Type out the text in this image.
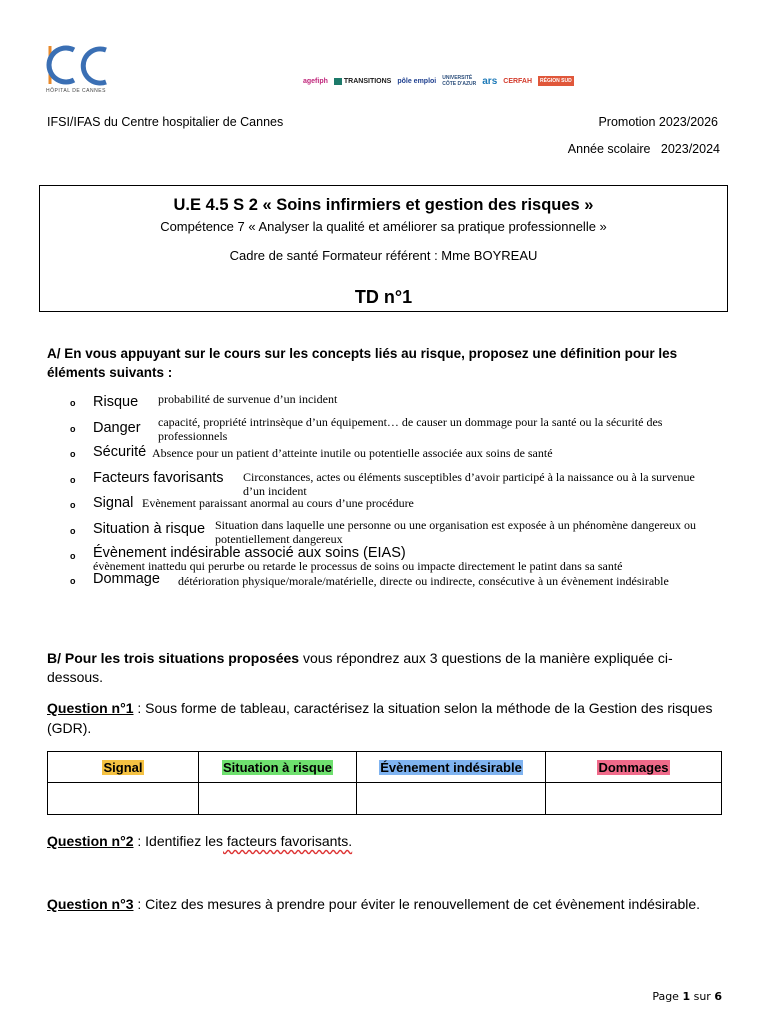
HÔPITAL DE CANNES
agefiph	TRANSITIONS pôle emploi UNIVERSITÉ CÔTE D'AZUR ars CERFAH	RÉGION SUD
IFSI/IFAS du Centre hospitalier de Cannes	Promotion 2023/2026
Année scolaire   2023/2024
U.E 4.5 S 2 « Soins infirmiers et gestion des risques »
Compétence 7 « Analyser la qualité et améliorer sa pratique professionnelle »
Cadre de santé Formateur référent : Mme BOYREAU
TD n°1
A/ En vous appuyant sur le cours sur les concepts liés au risque, proposez une définition pour les éléments suivants :
o Risque probabilité de survenue d’un incident
o Danger capacité, propriété intrinsèque d’un équipement… de causer un dommage pour la santé ou la sécurité des professionnels
o Sécurité Absence pour un patient d’atteinte inutile ou potentielle associée aux soins de santé
o Facteurs favorisants Circonstances, actes ou éléments susceptibles d’avoir participé à la naissance ou à la survenue d’un incident
o Signal Evènement paraissant anormal au cours d’une procédure
o Situation à risque Situation dans laquelle une personne ou une organisation est exposée à un phénomène dangereux ou potentiellement dangereux
o Évènement indésirable associé aux soins (EIAS)
évènement inattedu qui perurbe ou retarde le processus de soins ou impacte directement le patint dans sa santé
o Dommage détérioration physique/morale/matérielle, directe ou indirecte, consécutive à un évènement indésirable
B/ Pour les trois situations proposées vous répondrez aux 3 questions de la manière expliquée ci-dessous.
Question n°1 : Sous forme de tableau, caractérisez la situation selon la méthode de la Gestion des risques (GDR).
Signal	Situation à risque	Évènement indésirable	Dommages

Question n°2 : Identifiez les facteurs favorisants.
Question n°3 : Citez des mesures à prendre pour éviter le renouvellement de cet évènement indésirable.
Page 1 sur 6
